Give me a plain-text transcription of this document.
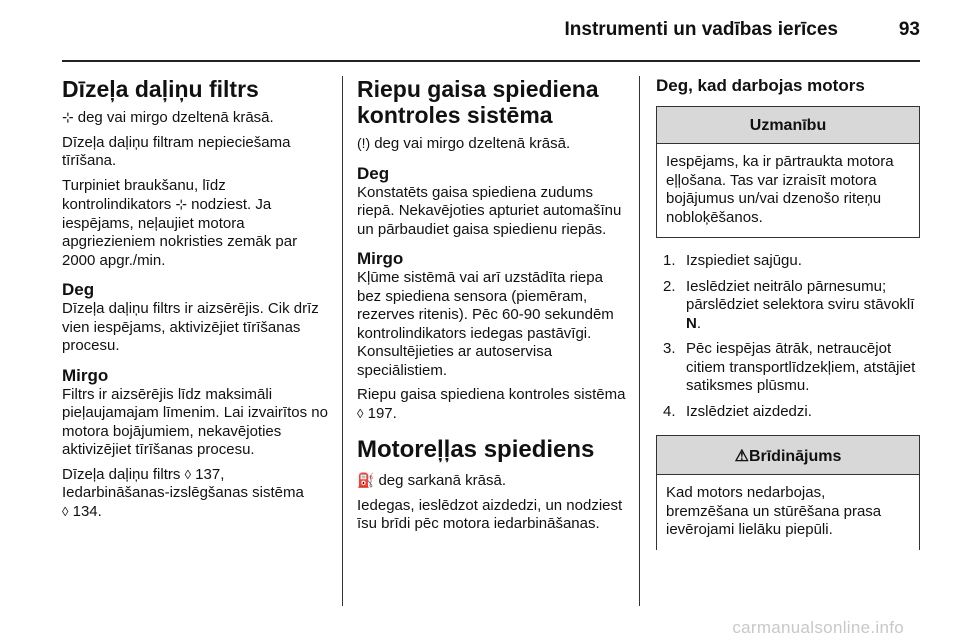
Instrumenti un vadības ierīces	93
Dīzeļa daļiņu filtrs

⊹ deg vai mirgo dzeltenā krāsā.

Dīzeļa daļiņu filtram nepieciešama tīrīšana.

Turpiniet braukšanu, līdz kontrolindikators ⊹ nodziest. Ja iespējams, neļaujiet motora apgriezieniem nokristies zemāk par 2000 apgr./min.

Deg

Dīzeļa daļiņu filtrs ir aizsērējis. Cik drīz vien iespējams, aktivizējiet tīrīšanas procesu.

Mirgo

Filtrs ir aizsērējis līdz maksimāli pieļaujamajam līmenim. Lai izvairītos no motora bojājumiem, nekavējoties aktivizējiet tīrīšanas procesu.

Dīzeļa daļiņu filtrs ◊ 137,
Iedarbināšanas-izslēgšanas sistēma
◊ 134.

Riepu gaisa spiediena kontroles sistēma

(!) deg vai mirgo dzeltenā krāsā.

Deg

Konstatēts gaisa spiediena zudums riepā. Nekavējoties apturiet automašīnu un pārbaudiet gaisa spiedienu riepās.

Mirgo

Kļūme sistēmā vai arī uzstādīta riepa bez spiediena sensora (piemēram, rezerves ritenis). Pēc 60-90 sekundēm kontrolindikators iedegas pastāvīgi. Konsultējieties ar autoservisa speciālistiem.

Riepu gaisa spiediena kontroles sistēma ◊ 197.

Motoreļļas spiediens

⛽ deg sarkanā krāsā.

Iedegas, ieslēdzot aizdedzi, un nodziest īsu brīdi pēc motora iedarbināšanas.

Deg, kad darbojas motors
Uzmanību
Iespējams, ka ir pārtraukta motora eļļošana. Tas var izraisīt motora bojājumus un/vai dzenošo riteņu nobloķēšanos.
1. Izspiediet sajūgu.
2. Ieslēdziet neitrālo pārnesumu; pārslēdziet selektora sviru stāvoklī N.
3. Pēc iespējas ātrāk, netraucējot citiem transportlīdzekļiem, atstājiet satiksmes plūsmu.
4. Izslēdziet aizdedzi.
⚠Brīdinājums
Kad motors nedarbojas, bremzēšana un stūrēšana prasa ievērojami lielāku piepūli.
carmanualsonline.info
